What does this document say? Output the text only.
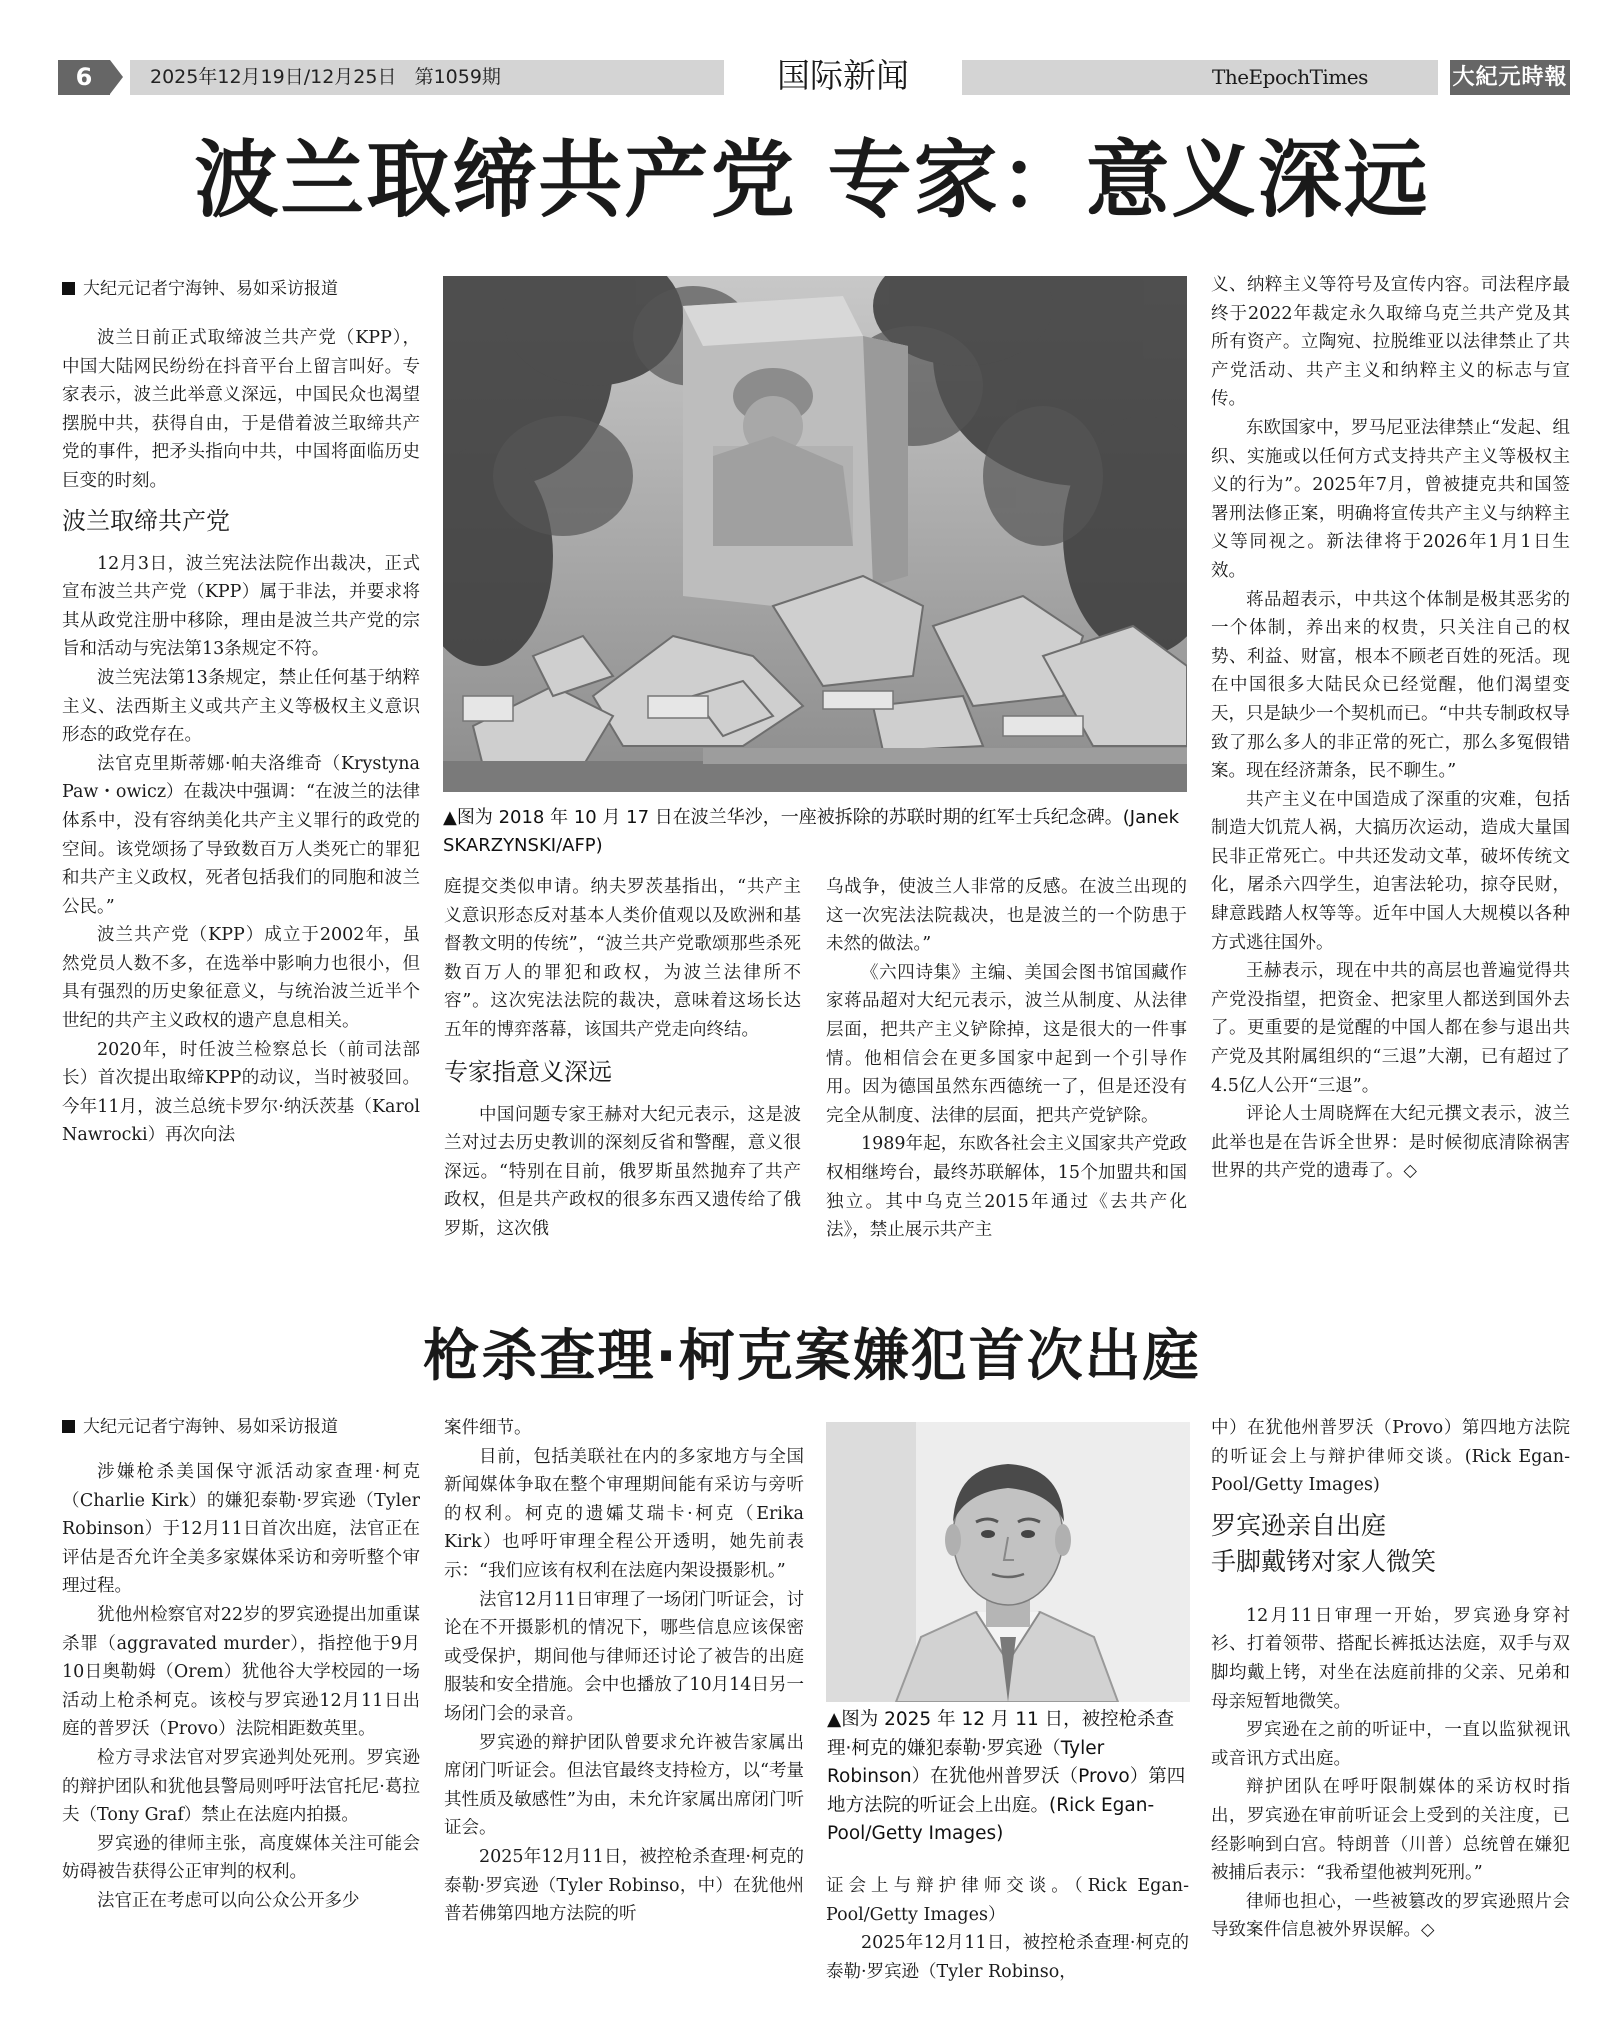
6	2025年12月19日/12月25日   第1059期	国际新闻	TheEpochTimes	大紀元時報
波兰取缔共产党 专家：意义深远
大纪元记者宁海钟、易如采访报道

波兰日前正式取缔波兰共产党（KPP），中国大陆网民纷纷在抖音平台上留言叫好。专家表示，波兰此举意义深远，中国民众也渴望摆脱中共，获得自由，于是借着波兰取缔共产党的事件，把矛头指向中共，中国将面临历史巨变的时刻。

波兰取缔共产党

12月3日，波兰宪法法院作出裁决，正式宣布波兰共产党（KPP）属于非法，并要求将其从政党注册中移除，理由是波兰共产党的宗旨和活动与宪法第13条规定不符。

波兰宪法第13条规定，禁止任何基于纳粹主义、法西斯主义或共产主义等极权主义意识形态的政党存在。

法官克里斯蒂娜·帕夫洛维奇（Krystyna Paw・owicz）在裁决中强调：“在波兰的法律体系中，没有容纳美化共产主义罪行的政党的空间。该党颂扬了导致数百万人类死亡的罪犯和共产主义政权，死者包括我们的同胞和波兰公民。”

波兰共产党（KPP）成立于2002年，虽然党员人数不多，在选举中影响力也很小，但具有强烈的历史象征意义，与统治波兰近半个世纪的共产主义政权的遗产息息相关。

2020年，时任波兰检察总长（前司法部长）首次提出取缔KPP的动议，当时被驳回。今年11月，波兰总统卡罗尔·纳沃茨基（Karol Nawrocki）再次向法

▲图为 2018 年 10 月 17 日在波兰华沙，一座被拆除的苏联时期的红军士兵纪念碑。(Janek SKARZYNSKI/AFP)

庭提交类似申请。纳夫罗茨基指出，“共产主义意识形态反对基本人类价值观以及欧洲和基督教文明的传统”，“波兰共产党歌颂那些杀死数百万人的罪犯和政权，为波兰法律所不容”。这次宪法法院的裁决，意味着这场长达五年的博弈落幕，该国共产党走向终结。

专家指意义深远

中国问题专家王赫对大纪元表示，这是波兰对过去历史教训的深刻反省和警醒，意义很深远。“特别在目前，俄罗斯虽然抛弃了共产政权，但是共产政权的很多东西又遗传给了俄罗斯，这次俄

乌战争，使波兰人非常的反感。在波兰出现的这一次宪法法院裁决，也是波兰的一个防患于未然的做法。”

《六四诗集》主编、美国会图书馆国藏作家蒋品超对大纪元表示，波兰从制度、从法律层面，把共产主义铲除掉，这是很大的一件事情。他相信会在更多国家中起到一个引导作用。因为德国虽然东西德统一了，但是还没有完全从制度、法律的层面，把共产党铲除。

1989年起，东欧各社会主义国家共产党政权相继垮台，最终苏联解体，15个加盟共和国独立。其中乌克兰2015年通过《去共产化法》，禁止展示共产主

义、纳粹主义等符号及宣传内容。司法程序最终于2022年裁定永久取缔乌克兰共产党及其所有资产。立陶宛、拉脱维亚以法律禁止了共产党活动、共产主义和纳粹主义的标志与宣传。

东欧国家中，罗马尼亚法律禁止“发起、组织、实施或以任何方式支持共产主义等极权主义的行为”。2025年7月，曾被捷克共和国签署刑法修正案，明确将宣传共产主义与纳粹主义等同视之。新法律将于2026年1月1日生效。

蒋品超表示，中共这个体制是极其恶劣的一个体制，养出来的权贵，只关注自己的权势、利益、财富，根本不顾老百姓的死活。现在中国很多大陆民众已经觉醒，他们渴望变天，只是缺少一个契机而已。“中共专制政权导致了那么多人的非正常的死亡，那么多冤假错案。现在经济萧条，民不聊生。”

共产主义在中国造成了深重的灾难，包括制造大饥荒人祸，大搞历次运动，造成大量国民非正常死亡。中共还发动文革，破坏传统文化，屠杀六四学生，迫害法轮功，掠夺民财，肆意践踏人权等等。近年中国人大规模以各种方式逃往国外。

王赫表示，现在中共的高层也普遍觉得共产党没指望，把资金、把家里人都送到国外去了。更重要的是觉醒的中国人都在参与退出共产党及其附属组织的“三退”大潮，已有超过了4.5亿人公开“三退”。

评论人士周晓辉在大纪元撰文表示，波兰此举也是在告诉全世界：是时候彻底清除祸害世界的共产党的遗毒了。◇

枪杀查理·柯克案嫌犯首次出庭
大纪元记者宁海钟、易如采访报道

涉嫌枪杀美国保守派活动家查理·柯克（Charlie Kirk）的嫌犯泰勒·罗宾逊（Tyler Robinson）于12月11日首次出庭，法官正在评估是否允许全美多家媒体采访和旁听整个审理过程。

犹他州检察官对22岁的罗宾逊提出加重谋杀罪（aggravated murder），指控他于9月10日奥勒姆（Orem）犹他谷大学校园的一场活动上枪杀柯克。该校与罗宾逊12月11日出庭的普罗沃（Provo）法院相距数英里。

检方寻求法官对罗宾逊判处死刑。罗宾逊的辩护团队和犹他县警局则呼吁法官托尼·葛拉夫（Tony Graf）禁止在法庭内拍摄。

罗宾逊的律师主张，高度媒体关注可能会妨碍被告获得公正审判的权利。

法官正在考虑可以向公众公开多少

案件细节。

目前，包括美联社在内的多家地方与全国新闻媒体争取在整个审理期间能有采访与旁听的权利。柯克的遗孀艾瑞卡·柯克（Erika Kirk）也呼吁审理全程公开透明，她先前表示：“我们应该有权利在法庭内架设摄影机。”

法官12月11日审理了一场闭门听证会，讨论在不开摄影机的情况下，哪些信息应该保密或受保护，期间他与律师还讨论了被告的出庭服装和安全措施。会中也播放了10月14日另一场闭门会的录音。

罗宾逊的辩护团队曾要求允许被告家属出席闭门听证会。但法官最终支持检方，以“考量其性质及敏感性”为由，未允许家属出席闭门听证会。

2025年12月11日，被控枪杀查理·柯克的泰勒·罗宾逊（Tyler Robinso，中）在犹他州普若佛第四地方法院的听

▲图为 2025 年 12 月 11 日，被控枪杀查理·柯克的嫌犯泰勒·罗宾逊（Tyler Robinson）在犹他州普罗沃（Provo）第四地方法院的听证会上出庭。(Rick Egan-Pool/Getty Images)

证会上与辩护律师交谈。（Rick Egan-Pool/Getty Images）

2025年12月11日，被控枪杀查理·柯克的泰勒·罗宾逊（Tyler Robinso，

中）在犹他州普罗沃（Provo）第四地方法院的听证会上与辩护律师交谈。(Rick Egan-Pool/Getty Images)

罗宾逊亲自出庭
手脚戴铐对家人微笑

12月11日审理一开始，罗宾逊身穿衬衫、打着领带、搭配长裤抵达法庭，双手与双脚均戴上铐，对坐在法庭前排的父亲、兄弟和母亲短暂地微笑。

罗宾逊在之前的听证中，一直以监狱视讯或音讯方式出庭。

辩护团队在呼吁限制媒体的采访权时指出，罗宾逊在审前听证会上受到的关注度，已经影响到白宫。特朗普（川普）总统曾在嫌犯被捕后表示：“我希望他被判死刑。”

律师也担心，一些被篡改的罗宾逊照片会导致案件信息被外界误解。◇
